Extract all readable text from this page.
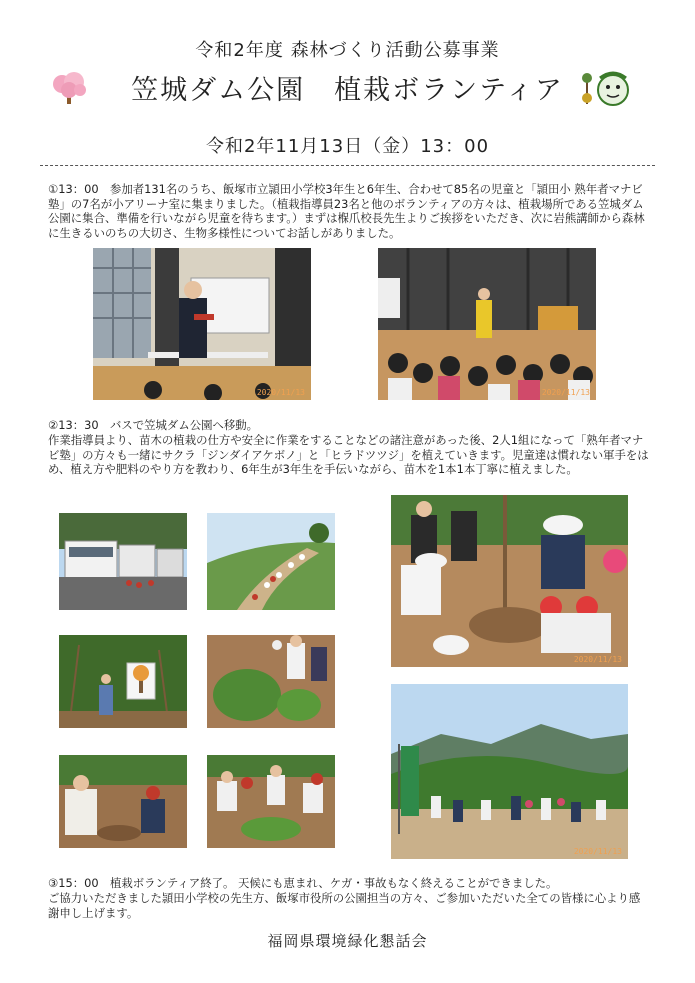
令和2年度 森林づくり活動公募事業
笠城ダム公園　植栽ボランティア
令和2年11月13日（金）13：00
①13：00　参加者131名のうち、飯塚市立頴田小学校3年生と6年生、合わせて85名の児童と「頴田小 熟年者マナビ塾」の7名が小アリーナ室に集まりました。（植栽指導員23名と他のボランティアの方々は、植栽場所である笠城ダム公園に集合、準備を行いながら児童を待ちます。）まずは椺爪校長先生よりご挨拶をいただき、次に岩熊講師から森林に生きるいのちの大切さ、生物多様性についてお話しがありました。
2020/11/13	2020/11/13
②13：30　バスで笠城ダム公園へ移動。
作業指導員より、苗木の植栽の仕方や安全に作業をすることなどの諸注意があった後、2人1組になって「熟年者マナビ塾」の方々も一緒にサクラ「ジンダイアケボノ」と「ヒラドツツジ」を植えていきます。児童達は慣れない軍手をはめ、植え方や肥料のやり方を教わり、6年生が3年生を手伝いながら、苗木を1本1本丁寧に植えました。
2020/11/13
2020/11/13
③15：00　植栽ボランティア終了。 天候にも恵まれ、ケガ・事故もなく終えることができました。
ご協力いただきました頴田小学校の先生方、飯塚市役所の公園担当の方々、ご参加いただいた全ての皆様に心より感謝申し上げます。
福岡県環境緑化懇話会
